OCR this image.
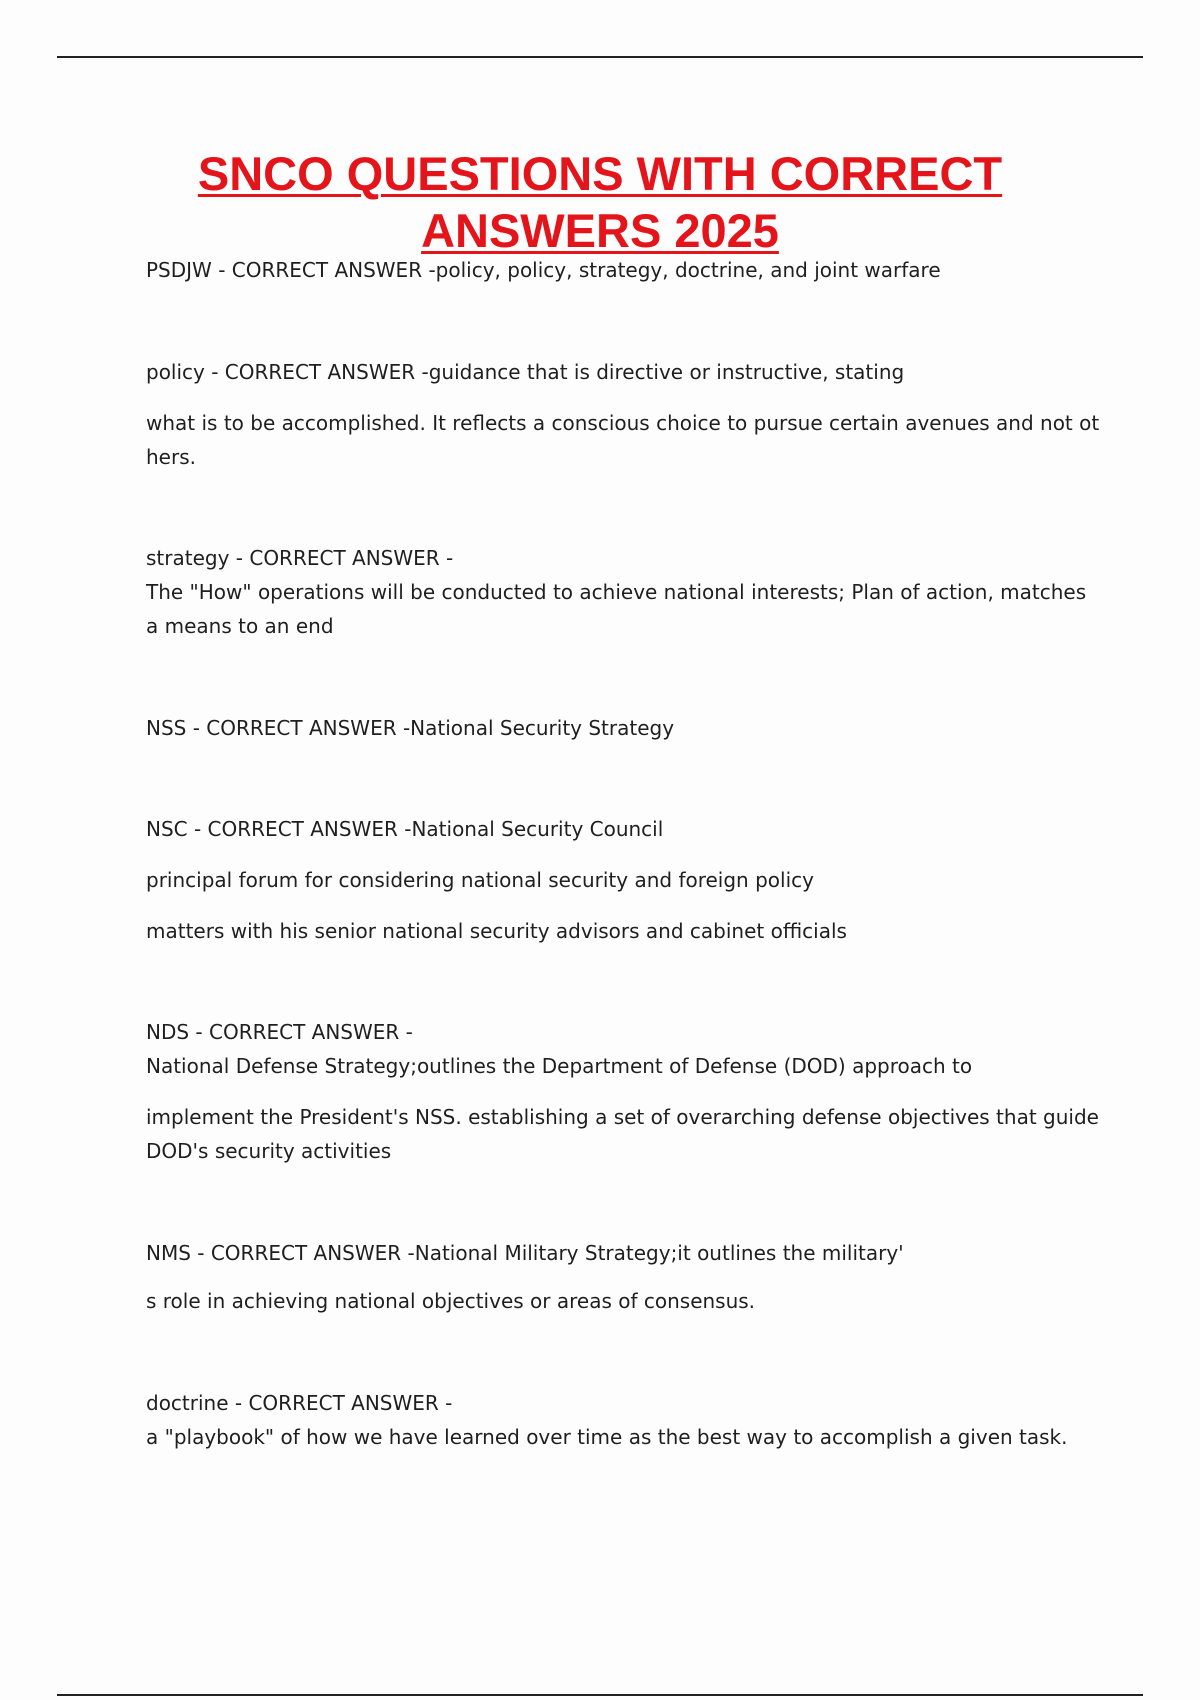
SNCO QUESTIONS WITH CORRECT
ANSWERS 2025
PSDJW - CORRECT ANSWER -policy, policy, strategy, doctrine, and joint warfare
policy - CORRECT ANSWER -guidance that is directive or instructive, stating
what is to be accomplished. It reflects a conscious choice to pursue certain avenues and not ot
hers.
strategy - CORRECT ANSWER -
The "How" operations will be conducted to achieve national interests; Plan of action, matches
a means to an end
NSS - CORRECT ANSWER -National Security Strategy
NSC - CORRECT ANSWER -National Security Council
principal forum for considering national security and foreign policy
matters with his senior national security advisors and cabinet officials
NDS - CORRECT ANSWER -
National Defense Strategy;outlines the Department of Defense (DOD) approach to
implement the President's NSS. establishing a set of overarching defense objectives that guide
DOD's security activities
NMS - CORRECT ANSWER -National Military Strategy;it outlines the military'
s role in achieving national objectives or areas of consensus.
doctrine - CORRECT ANSWER -
a "playbook" of how we have learned over time as the best way to accomplish a given task.
